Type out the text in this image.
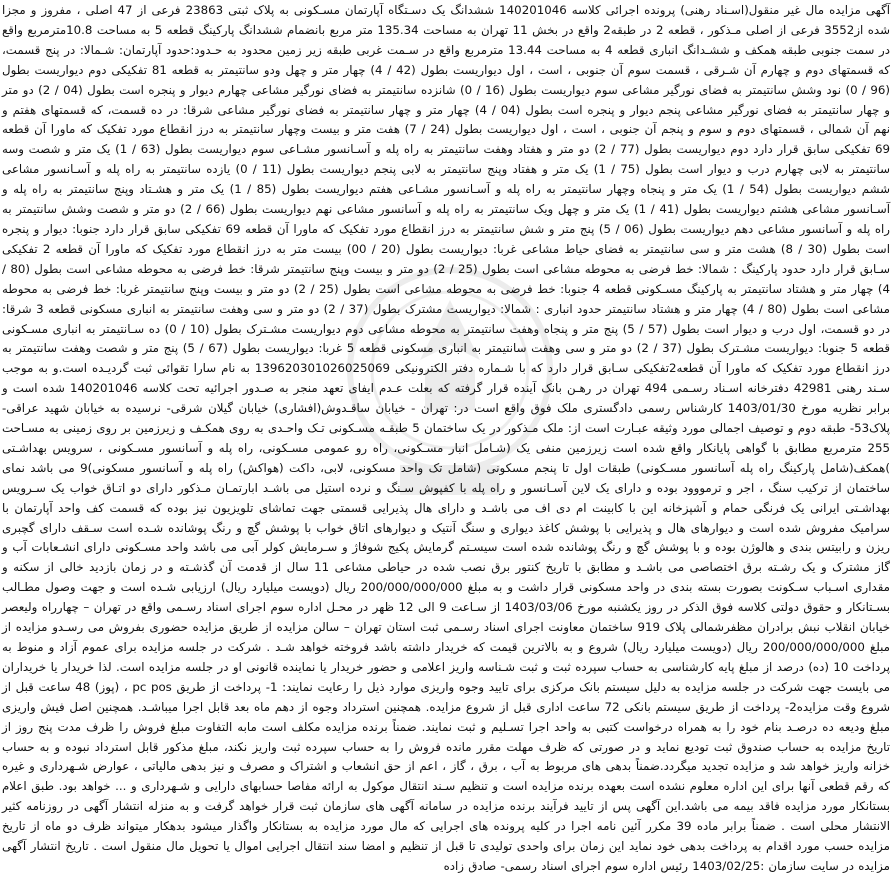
آگهی مزایده مال غیر منقول(اسـناد رهنی) پرونده اجرائی کلاسه 140201046 ششدانگ یک دسـتگاه آپارتمان مسـکونی به پلاک ثبتی 23863 فرعی از 47 اصلی ، مفروز و مجزا شده از3552 فرعی از اصلی مـذکور ، قطعه 2 در طبقه2 واقع در بخش 11 تهران به مساحت 135.34 متر مربع بانضمام ششدانگ پارکینگ قطعه 5 به مساحت 10.8مترمربع واقع در سمت جنوبی طبقه همکف و ششـدانگ انباری قطعه 4 به مساحت 13.44 مترمربع واقع در سـمت غربی طبقه زیر زمین محدود به حـدود:حدود آپارتمان: شـمالا: در پنج قسمت، که قسمتهای دوم و چهارم آن شـرقی ، قسمت سوم آن جنوبی ، است ، اول دیواریست بطول (42 / 4) چهار متر و چهل ودو سانتیمتر به قطعه 81 تفکیکی دوم دیواریست بطول (96 / 0) نود وشش سانتیمتر به فضای نورگیر مشاعی سوم دیواریست بطول (16 / 0) شانزده سانتیمتر به فضای نورگیر مشاعی چهارم دیوار و پنجره است بطول (04 / 2) دو متر و چهار سانتیمتر به فضای نورگیر مشاعی پنجم دیوار و پنجره است بطول (04 / 4) چهار متر و چهار سانتیمتر به فضای نورگیر مشاعی شرقا: در ده قسمت، که قسمتهای هفتم و نهم آن شمالی ، قسمتهای دوم و سوم و پنجم آن جنوبی ، است ، اول دیواریست بطول (24 / 7) هفت متر و بیست وچهار سانتیمتر به درز انقطاع مورد تفکیک که ماورا آن قطعه 69 تفکیکی سابق قرار دارد دوم دیواریست بطول (77 / 2) دو متر و هفتاد وهفت سانتیمتر به راه پله و آسـانسور مشـاعی سوم دیواریست بطول (63 / 1) یک متر و شصت وسه سانتیمتر به لابی چهارم درب و دیوار است بطول (75 / 1) یک متر و هفتاد وپنج سانتیمتر به لابی پنجم دیواریست بطول (11 / 0) یازده سانتیمتر به راه پله و آسـانسور مشاعی ششم دیواریست بطول (54 / 1) یک متر و پنجاه وچهار سانتیمتر به راه پله و آسـانسور مشـاعی هفتم دیواریست بطول (85 / 1) یک متر و هشـتاد وپنج سانتیمتر به راه پله و آسـانسور مشاعی هشتم دیواریست بطول (41 / 1) یک متر و چهل ویک سانتیمتر به راه پله و آسانسور مشاعی نهم دیواریست بطول (66 / 2) دو متر و شصت وشش سانتیمتر به راه پله و آسانسور مشاعی دهم دیواریست بطول (06 / 5) پنج متر و شش سانتیمتر به درز انقطاع مورد تفکیک که ماورا آن قطعه 69 تفکیکی سابق قرار دارد جنوبا: دیوار و پنجره است بطول (30 / 8) هشت متر و سی سانتیمتر به فضای حیاط مشاعی غربا: دیواریست بطول (20 / 00) بیست متر به درز انقطاع مورد تفکیک که ماورا آن قطعه 2 تفکیکی سـابق قرار دارد حدود پارکینگ : شمالا: خط فرضی به محوطه مشاعی است بطول (25 / 2) دو متر و بیست وپنج سانتیمتر شرقا: خط فرضی به محوطه مشاعی است بطول (80 / 4) چهار متر و هشتاد سانتیمتر به پارکینگ مسـکونی قطعه 4 جنوبا: خط فرضی به محوطه مشاعی است بطول (25 / 2) دو متر و بیست وپنج سانتیمتر غربا: خط فرضی به محوطه مشاعی است بطول (80 / 4) چهار متر و هشتاد سانتیمتر حدود انباری : شمالا: دیواریست مشترک بطول (37 / 2) دو متر و سی وهفت سانتیمتر به انباری مسکونی قطعه 3 شرقا: در دو قسمت، اول درب و دیوار است بطول (57 / 5) پنج متر و پنجاه وهفت سانتیمتر به محوطه مشاعی دوم دیواریست مشـترک بطول (10 / 0) ده سـانتیمتر به انباری مسـکونی قطعه 5 جنوبا: دیواریست مشـترک بطول (37 / 2) دو متر و سی وهفت سانتیمتر به انباری مسکونی قطعه 5 غربا: دیواریست بطول (67 / 5) پنج متر و شصت وهفت سانتیمتر به درز انقطاع مورد تفکیک که ماورا آن قطعه2تفکیکی سـابق قرار دارد که با شـماره دفتر الکترونیکی 139620301026025069 به نام سارا تقوائی ثبت گردیـده است.و به موجب سـند رهنی 42981 دفترخانه اسـناد رسـمی 494 تهران در رهـن بانک آینده قرار گرفته که بعلت عـدم ایفای تعهد منجر به صـدور اجرائیه تحت کلاسه 140201046 شده است و برابر نظریه مورخ 1403/01/30 کارشناس رسمی دادگستری ملک فوق واقع است در: تهران - خیابان ساقـدوش(افشاری) خیابان گیلان شرقی- نرسیده به خیابان شهید عراقی-پلاک53- طبقه دوم و توصیف اجمالی مورد وثیقه عبـارت است از: ملک مـذکور در یک ساختمان 5 طبقـه مسـکونی تـک واحـدی به روی همکـف و زیرزمین بر روی زمینی به مسـاحت 255 مترمربع مطابق با گواهی پایانکار واقع شده است زیرزمین منفی یک (شـامل انبار مسـکونی، راه رو عمومی مسـکونی، راه پله و آسانسور مسـکونی ، سرویس بهداشـتی )همکف(شامل پارکینگ راه پله آسانسور مسـکونی) طبقات اول تا پنجم مسکونی (شامل تک واحد مسکونی، لابی، داکت (هواکش) راه پله و آسانسور مسکونی)9 می باشد نمای ساختمان از ترکیب سنگ ، اجر و ترمووود بوده و دارای یک لاین آسـانسور و راه پله با کفپوش سـنگ و نرده استیل می باشـد ابارتمـان مـذکور دارای دو اتـاق خواب یک سـرویس بهداشـتی ایرانی یک فرنگی حمام و آشپزخانه این با کابینت ام دی اف می باشـد و دارای هال پذیرایی قسمتی جهت تماشای تلویزیون نیز بوده که قسمت کف واحد آپارتمان با سرامیک مفروش شده است و دیوارهای هال و پذیرایی با پوشش کاغذ دیواری و سنگ آنتیک و دیوارهای اتاق خواب با پوشش گچ و رنگ پوشانده شـده است سـقف دارای گچبری ریزن و رابیتس بندی و هالوژن بوده و با پوشش گچ و رنگ پوشانده شده است سیسـتم گرمایش پکیج شوفاژ و سـرمایش کولر آبی می باشد واحد مسـکونی دارای انشـعابات آب و گاز مشترک و یک رشـته برق اختصاصی می باشـد و مطابق با تاریخ کنتور برق نصب شده در حیاطی مشاعی 11 سال از قدمت آن گذشـته و در زمان بازدید خالی از سکنه و مقداری اسـباب سـکونت بصورت بسته بندی در واحد مسکونی قرار داشت و به مبلغ 200/000/000/000 ریال (دویست میلیارد ریال) ارزیابی شـده است و جهت وصول مطـالب بسـتانکار و حقوق دولتی کلاسه فوق الذکر در روز یکشنبه مورخ 1403/03/06 از سـاعت 9 الی 12 ظهر در محـل اداره سوم اجرای اسناد رسـمی واقع در تهران – چهارراه ولیعصر خیابان انقلاب نبش برادران مظفرشمالی پلاک 919 ساختمان معاونت اجرای اسناد رسـمی ثبت استان تهران – سالن مزایده از طریق مزایده حضوری بفروش می رسـدو مزایده از مبلغ 200/000/000/000 ریال (دویست میلیارد ریال) شروع و به بالاترین قیمت که خریدار داشته باشد فروخته خواهد شـد . شرکت در جلسه مزایده برای عموم آزاد و منوط به پرداخت 10 (ده) درصد از مبلغ پایه کارشناسی به حساب سپرده ثبت و ثبت شـناسه واریز اعلامی و حضور خریدار یا نماینده قانونی او در جلسه مزایده است. لذا خریدار یا خریداران می بایست جهت شرکت در جلسه مزایده به دلیل سیستم بانک مرکزی برای تایید وجوه واریزی موارد ذیل را رعایت نمایند: 1- پرداخت از طریق pc pos ، (پوز) 48 ساعت قبل از شروع وقت مزایده2- پرداخت از طریق سیستم بانکی 72 ساعت اداری قبل از شروع مزایده. همچنین استرداد وجوه از دهم ماه بعد قابل اجرا میباشـد. همچنین اصل فیش واریزی مبلغ ودیعه ده درصـد بنام خود را به همراه درخواست کتبی به واحد اجرا تسـلیم و ثبت نمایند. ضمناً برنده مزایده مکلف است مابه التفاوت مبلغ فروش را ظرف مدت پنج روز از تاریخ مزایده به حساب صندوق ثبت تودیع نماید و در صورتی که ظرف مهلت مقرر مانده فروش را به حساب سپرده ثبت واریز نکند، مبلغ مذکور قابل استرداد نبوده و به حساب خزانه واریز خواهد شد و مزایده تجدید میگردد.ضمناً بدهی های مربوط به آب ، برق ، گاز ، اعم از حق انشعاب و اشتراک و مصرف و نیز بدهی مالیاتی ، عوارض شـهرداری و غیره که رقم قطعی آنها برای این اداره معلوم نشده است بعهده برنده مزایده است و تنظیم سـند انتقال موکول به ارائه مفاصا حسابهای دارایی و شـهرداری و ... خواهد بود. طبق اعلام بستانکار مورد مزایده فاقد بیمه می باشد.این آگهی پس از تایید فرآیند برنده مزایده در سامانه آگهی های سازمان ثبت قرار خواهد گرفت و به منزله انتشار آگهی در روزنامه کثیر الانتشار محلی است . ضمناً برابر ماده 39 مکرر آئین نامه اجرا در کلیه پرونده های اجرایی که مال مورد مزایده به بستانکار واگذار میشود بدهکار میتواند ظرف دو ماه از تاریخ مزایده حسب مورد اقدام به پرداخت بدهی خود نماید این زمان برای واحدی تولیدی تا قبل از تنظیم و امضا سند انتقال اجرایی اموال یا تحویل مال منقول است . تاریخ انتشار آگهی مزایده در سایت سازمان :1403/02/25 رئیس اداره سوم اجرای اسناد رسمی- صادق زاده
